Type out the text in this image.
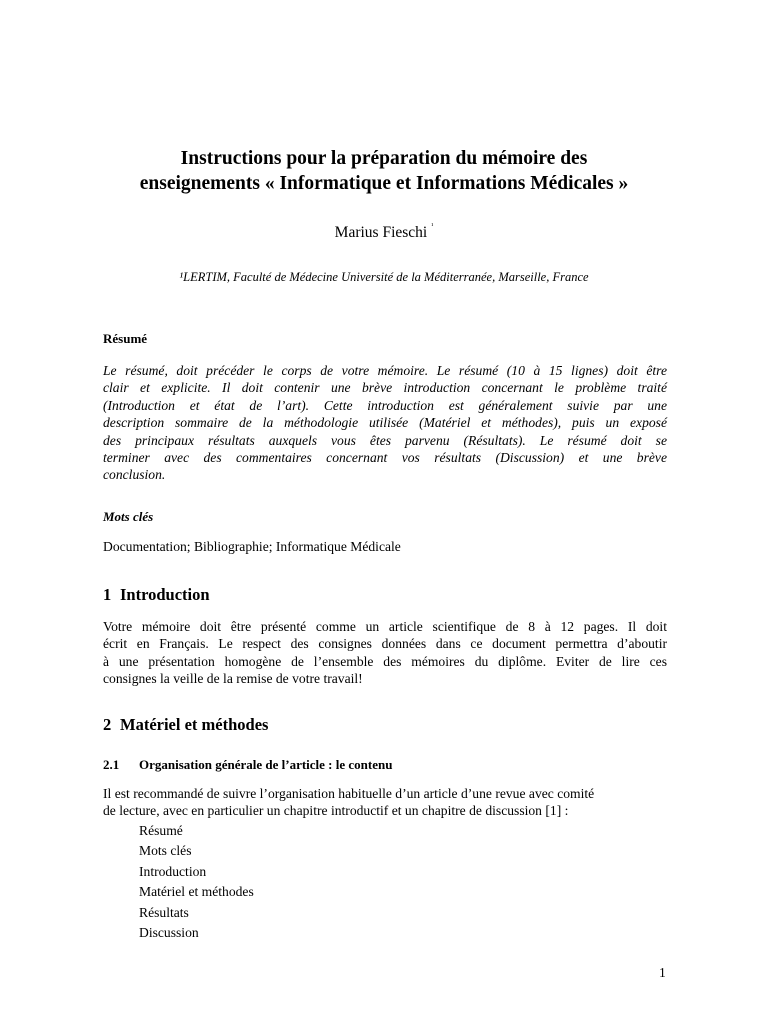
Instructions pour la préparation du mémoire des
enseignements « Informatique et Informations Médicales »
Marius Fieschi $^{^1}$
¹LERTIM, Faculté de Médecine Université de la Méditerranée, Marseille, France
Résumé
Le résumé, doit précéder le corps de votre mémoire. Le résumé (10 à 15 lignes) doit être
clair et explicite. Il doit contenir une brève introduction concernant le problème traité
(Introduction et état de l’art). Cette introduction est généralement suivie par une
description sommaire de la méthodologie utilisée (Matériel et méthodes), puis un exposé
des principaux résultats auxquels vous êtes parvenu (Résultats). Le résumé doit se
terminer avec des commentaires concernant vos résultats (Discussion) et une brève
conclusion.
Mots clés
Documentation; Bibliographie; Informatique Médicale
1 Introduction
Votre mémoire doit être présenté comme un article scientifique de 8 à 12 pages. Il doit
écrit en Français. Le respect des consignes données dans ce document permettra d’aboutir
à une présentation homogène de l’ensemble des mémoires du diplôme. Eviter de lire ces
consignes la veille de la remise de votre travail!
2 Matériel et méthodes
2.1 Organisation générale de l’article : le contenu
Il est recommandé de suivre l’organisation habituelle d’un article d’une revue avec comité
de lecture, avec en particulier un chapitre introductif et un chapitre de discussion [1] :
Résumé
Mots clés
Introduction
Matériel et méthodes
Résultats
Discussion
1
